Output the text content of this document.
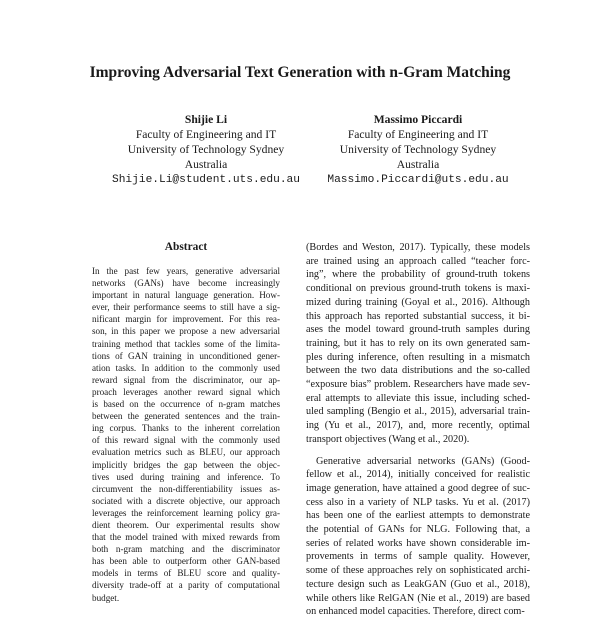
Improving Adversarial Text Generation with n-Gram Matching
Shijie Li
Faculty of Engineering and IT
University of Technology Sydney
Australia
Shijie.Li@student.uts.edu.au
Massimo Piccardi
Faculty of Engineering and IT
University of Technology Sydney
Australia
Massimo.Piccardi@uts.edu.au
Abstract
In the past few years, generative adversarial
networks (GANs) have become increasingly
important in natural language generation. How-
ever, their performance seems to still have a sig-
nificant margin for improvement. For this rea-
son, in this paper we propose a new adversarial
training method that tackles some of the limita-
tions of GAN training in unconditioned gener-
ation tasks. In addition to the commonly used
reward signal from the discriminator, our ap-
proach leverages another reward signal which
is based on the occurrence of n-gram matches
between the generated sentences and the train-
ing corpus. Thanks to the inherent correlation
of this reward signal with the commonly used
evaluation metrics such as BLEU, our approach
implicitly bridges the gap between the objec-
tives used during training and inference. To
circumvent the non-differentiability issues as-
sociated with a discrete objective, our approach
leverages the reinforcement learning policy gra-
dient theorem. Our experimental results show
that the model trained with mixed rewards from
both n-gram matching and the discriminator
has been able to outperform other GAN-based
models in terms of BLEU score and quality-
diversity trade-off at a parity of computational
budget.
(Bordes and Weston, 2017). Typically, these models
are trained using an approach called “teacher forc-
ing”, where the probability of ground-truth tokens
conditional on previous ground-truth tokens is maxi-
mized during training (Goyal et al., 2016). Although
this approach has reported substantial success, it bi-
ases the model toward ground-truth samples during
training, but it has to rely on its own generated sam-
ples during inference, often resulting in a mismatch
between the two data distributions and the so-called
“exposure bias” problem. Researchers have made sev-
eral attempts to alleviate this issue, including sched-
uled sampling (Bengio et al., 2015), adversarial train-
ing (Yu et al., 2017), and, more recently, optimal
transport objectives (Wang et al., 2020).
Generative adversarial networks (GANs) (Good-
fellow et al., 2014), initially conceived for realistic
image generation, have attained a good degree of suc-
cess also in a variety of NLP tasks. Yu et al. (2017)
has been one of the earliest attempts to demonstrate
the potential of GANs for NLG. Following that, a
series of related works have shown considerable im-
provements in terms of sample quality. However,
some of these approaches rely on sophisticated archi-
tecture design such as LeakGAN (Guo et al., 2018),
while others like RelGAN (Nie et al., 2019) are based
on enhanced model capacities. Therefore, direct com-
